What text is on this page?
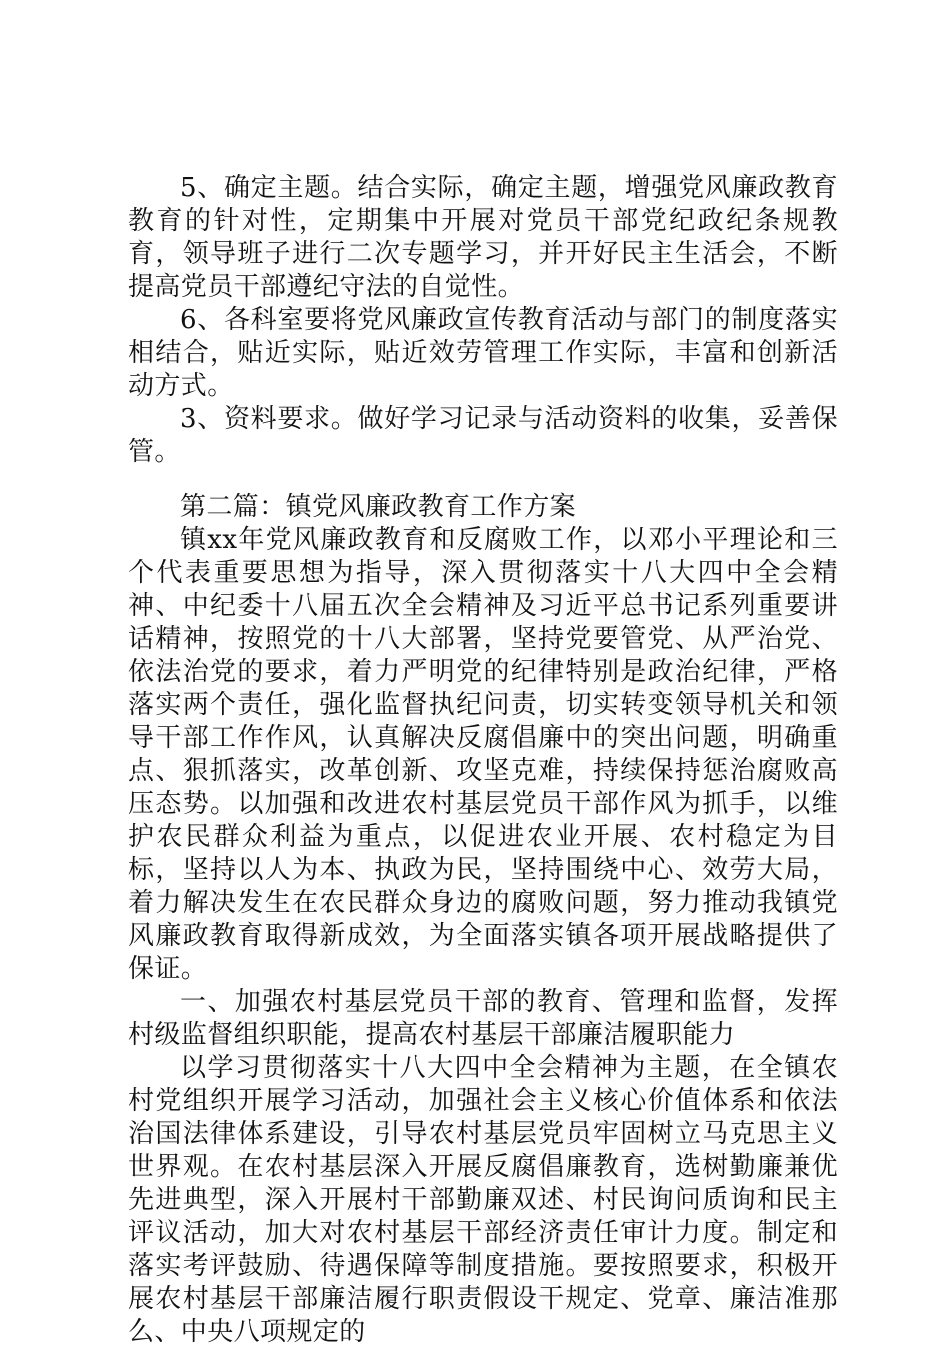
5、确定主题。结合实际，确定主题，增强党风廉政教育教育的针对性，定期集中开展对党员干部党纪政纪条规教育，领导班子进行二次专题学习，并开好民主生活会，不断提高党员干部遵纪守法的自觉性。

6、各科室要将党风廉政宣传教育活动与部门的制度落实相结合，贴近实际，贴近效劳管理工作实际，丰富和创新活动方式。

3、资料要求。做好学习记录与活动资料的收集，妥善保管。

第二篇：镇党风廉政教育工作方案

镇xx年党风廉政教育和反腐败工作，以邓小平理论和三个代表重要思想为指导，深入贯彻落实十八大四中全会精神、中纪委十八届五次全会精神及习近平总书记系列重要讲话精神，按照党的十八大部署，坚持党要管党、从严治党、依法治党的要求，着力严明党的纪律特别是政治纪律，严格落实两个责任，强化监督执纪问责，切实转变领导机关和领导干部工作作风，认真解决反腐倡廉中的突出问题，明确重点、狠抓落实，改革创新、攻坚克难，持续保持惩治腐败高压态势。以加强和改进农村基层党员干部作风为抓手，以维护农民群众利益为重点，以促进农业开展、农村稳定为目标，坚持以人为本、执政为民，坚持围绕中心、效劳大局，着力解决发生在农民群众身边的腐败问题，努力推动我镇党风廉政教育取得新成效，为全面落实镇各项开展战略提供了保证。

一、加强农村基层党员干部的教育、管理和监督，发挥村级监督组织职能，提高农村基层干部廉洁履职能力

以学习贯彻落实十八大四中全会精神为主题，在全镇农村党组织开展学习活动，加强社会主义核心价值体系和依法治国法律体系建设，引导农村基层党员牢固树立马克思主义世界观。在农村基层深入开展反腐倡廉教育，选树勤廉兼优先进典型，深入开展村干部勤廉双述、村民询问质询和民主评议活动，加大对农村基层干部经济责任审计力度。制定和落实考评鼓励、待遇保障等制度措施。要按照要求，积极开展农村基层干部廉洁履行职责假设干规定、党章、廉洁准那么、中央八项规定的
